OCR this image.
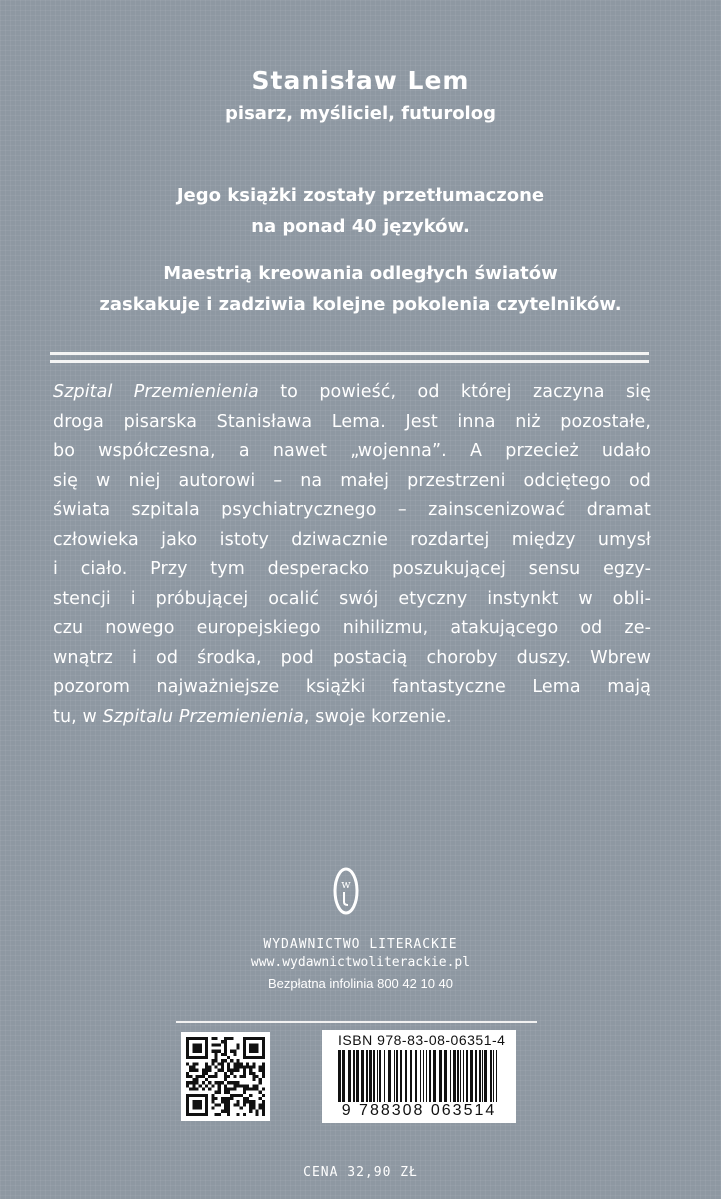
Stanisław Lem
pisarz, myśliciel, futurolog
Jego książki zostały przetłumaczone
na ponad 40 języków.
Maestrią kreowania odległych światów
zaskakuje i zadziwia kolejne pokolenia czytelników.
Szpital Przemienienia to powieść, od której zaczyna się
droga pisarska Stanisława Lema. Jest inna niż pozostałe,
bo współczesna, a nawet „wojenna”. A przecież udało
się w niej autorowi – na małej przestrzeni odciętego od
świata szpitala psychiatrycznego – zainscenizować dramat
człowieka jako istoty dziwacznie rozdartej między umysł
i ciało. Przy tym desperacko poszukującej sensu egzy-
stencji i próbującej ocalić swój etyczny instynkt w obli-
czu nowego europejskiego nihilizmu, atakującego od ze-
wnątrz i od środka, pod postacią choroby duszy. Wbrew
pozorom najważniejsze książki fantastyczne Lema mają
tu, w Szpitalu Przemienienia, swoje korzenie.
w
WYDAWNICTWO LITERACKIE
www.wydawnictwoliterackie.pl
Bezpłatna infolinia 800 42 10 40
ISBN 978-83-08-06351-4
9 788308 063514
CENA 32,90 ZŁ
